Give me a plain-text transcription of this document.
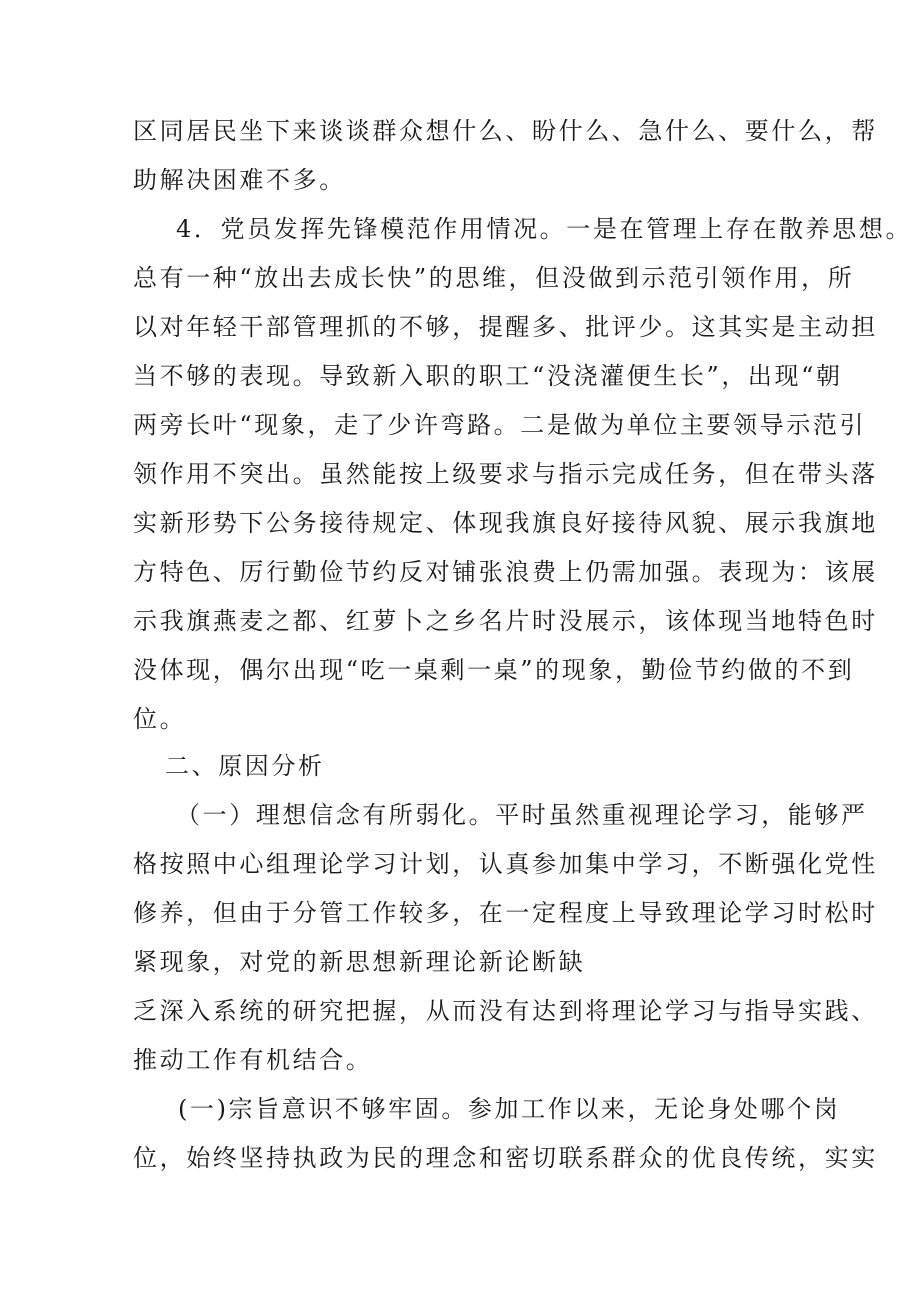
区同居民坐下来谈谈群众想什么、盼什么、急什么、要什么，帮
助解决困难不多。
4．党员发挥先锋模范作用情况。一是在管理上存在散养思想。
总有一种“放出去成长快”的思维，但没做到示范引领作用，所
以对年轻干部管理抓的不够，提醒多、批评少。这其实是主动担
当不够的表现。导致新入职的职工“没浇灌便生长”，出现“朝
两旁长叶“现象，走了少许弯路。二是做为单位主要领导示范引
领作用不突出。虽然能按上级要求与指示完成任务，但在带头落
实新形势下公务接待规定、体现我旗良好接待风貌、展示我旗地
方特色、厉行勤俭节约反对铺张浪费上仍需加强。表现为：该展
示我旗燕麦之都、红萝卜之乡名片时没展示，该体现当地特色时
没体现，偶尔出现“吃一桌剩一桌”的现象，勤俭节约做的不到
位。
二、原因分析
（一）理想信念有所弱化。平时虽然重视理论学习，能够严
格按照中心组理论学习计划，认真参加集中学习，不断强化党性
修养，但由于分管工作较多，在一定程度上导致理论学习时松时
紧现象，对党的新思想新理论新论断缺
乏深入系统的研究把握，从而没有达到将理论学习与指导实践、
推动工作有机结合。
(一)宗旨意识不够牢固。参加工作以来，无论身处哪个岗
位，始终坚持执政为民的理念和密切联系群众的优良传统，实实
